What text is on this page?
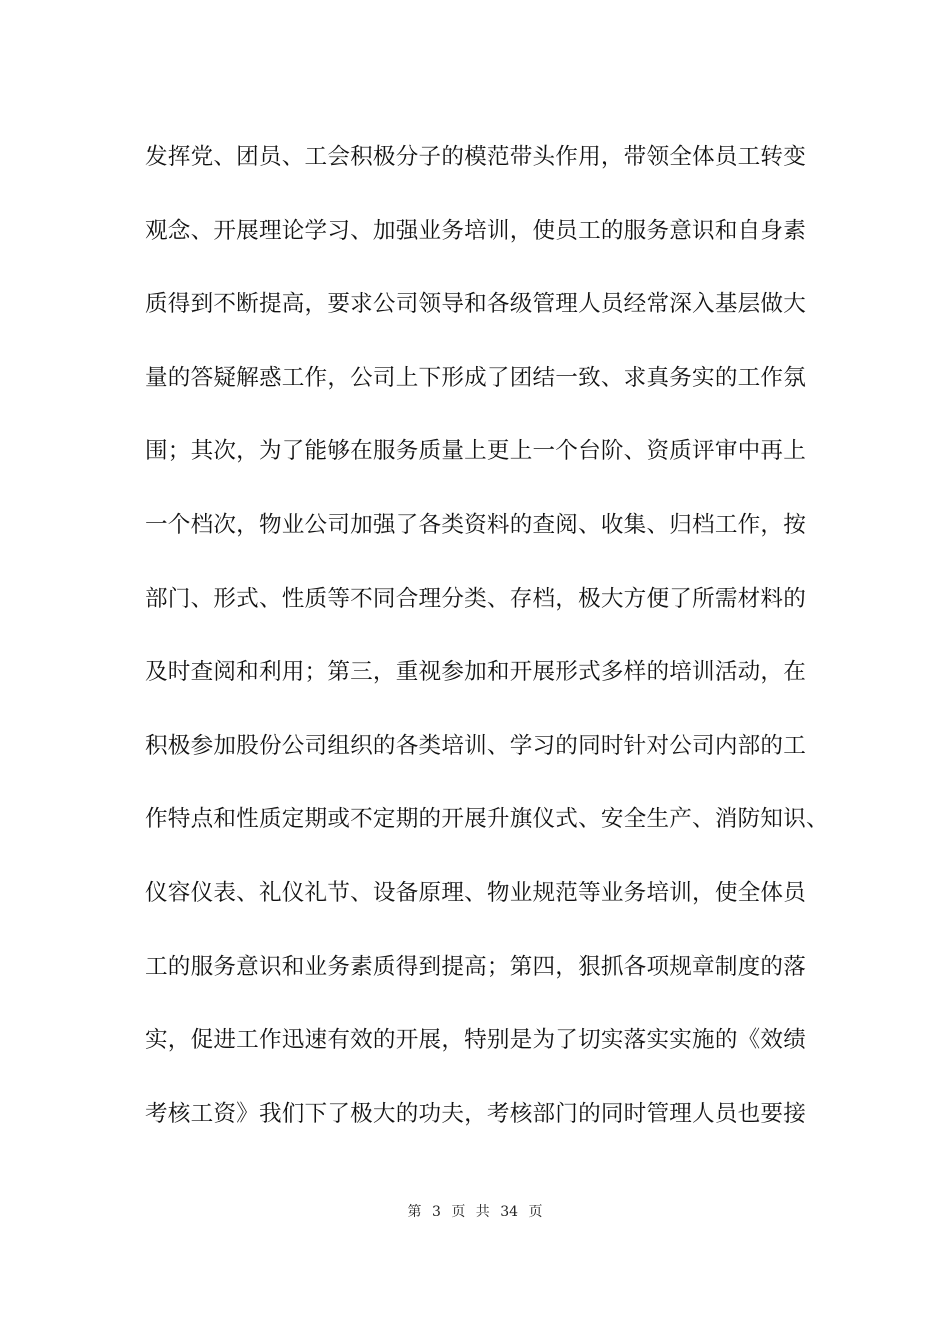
发挥党、团员、工会积极分子的模范带头作用，带领全体员工转变
观念、开展理论学习、加强业务培训，使员工的服务意识和自身素
质得到不断提高，要求公司领导和各级管理人员经常深入基层做大
量的答疑解惑工作，公司上下形成了团结一致、求真务实的工作氛
围；其次，为了能够在服务质量上更上一个台阶、资质评审中再上
一个档次，物业公司加强了各类资料的查阅、收集、归档工作，按
部门、形式、性质等不同合理分类、存档，极大方便了所需材料的
及时查阅和利用；第三，重视参加和开展形式多样的培训活动，在
积极参加股份公司组织的各类培训、学习的同时针对公司内部的工
作特点和性质定期或不定期的开展升旗仪式、安全生产、消防知识、
仪容仪表、礼仪礼节、设备原理、物业规范等业务培训，使全体员
工的服务意识和业务素质得到提高；第四，狠抓各项规章制度的落
实，促进工作迅速有效的开展，特别是为了切实落实实施的《效绩
考核工资》我们下了极大的功夫，考核部门的同时管理人员也要接
第 3 页 共 34 页
